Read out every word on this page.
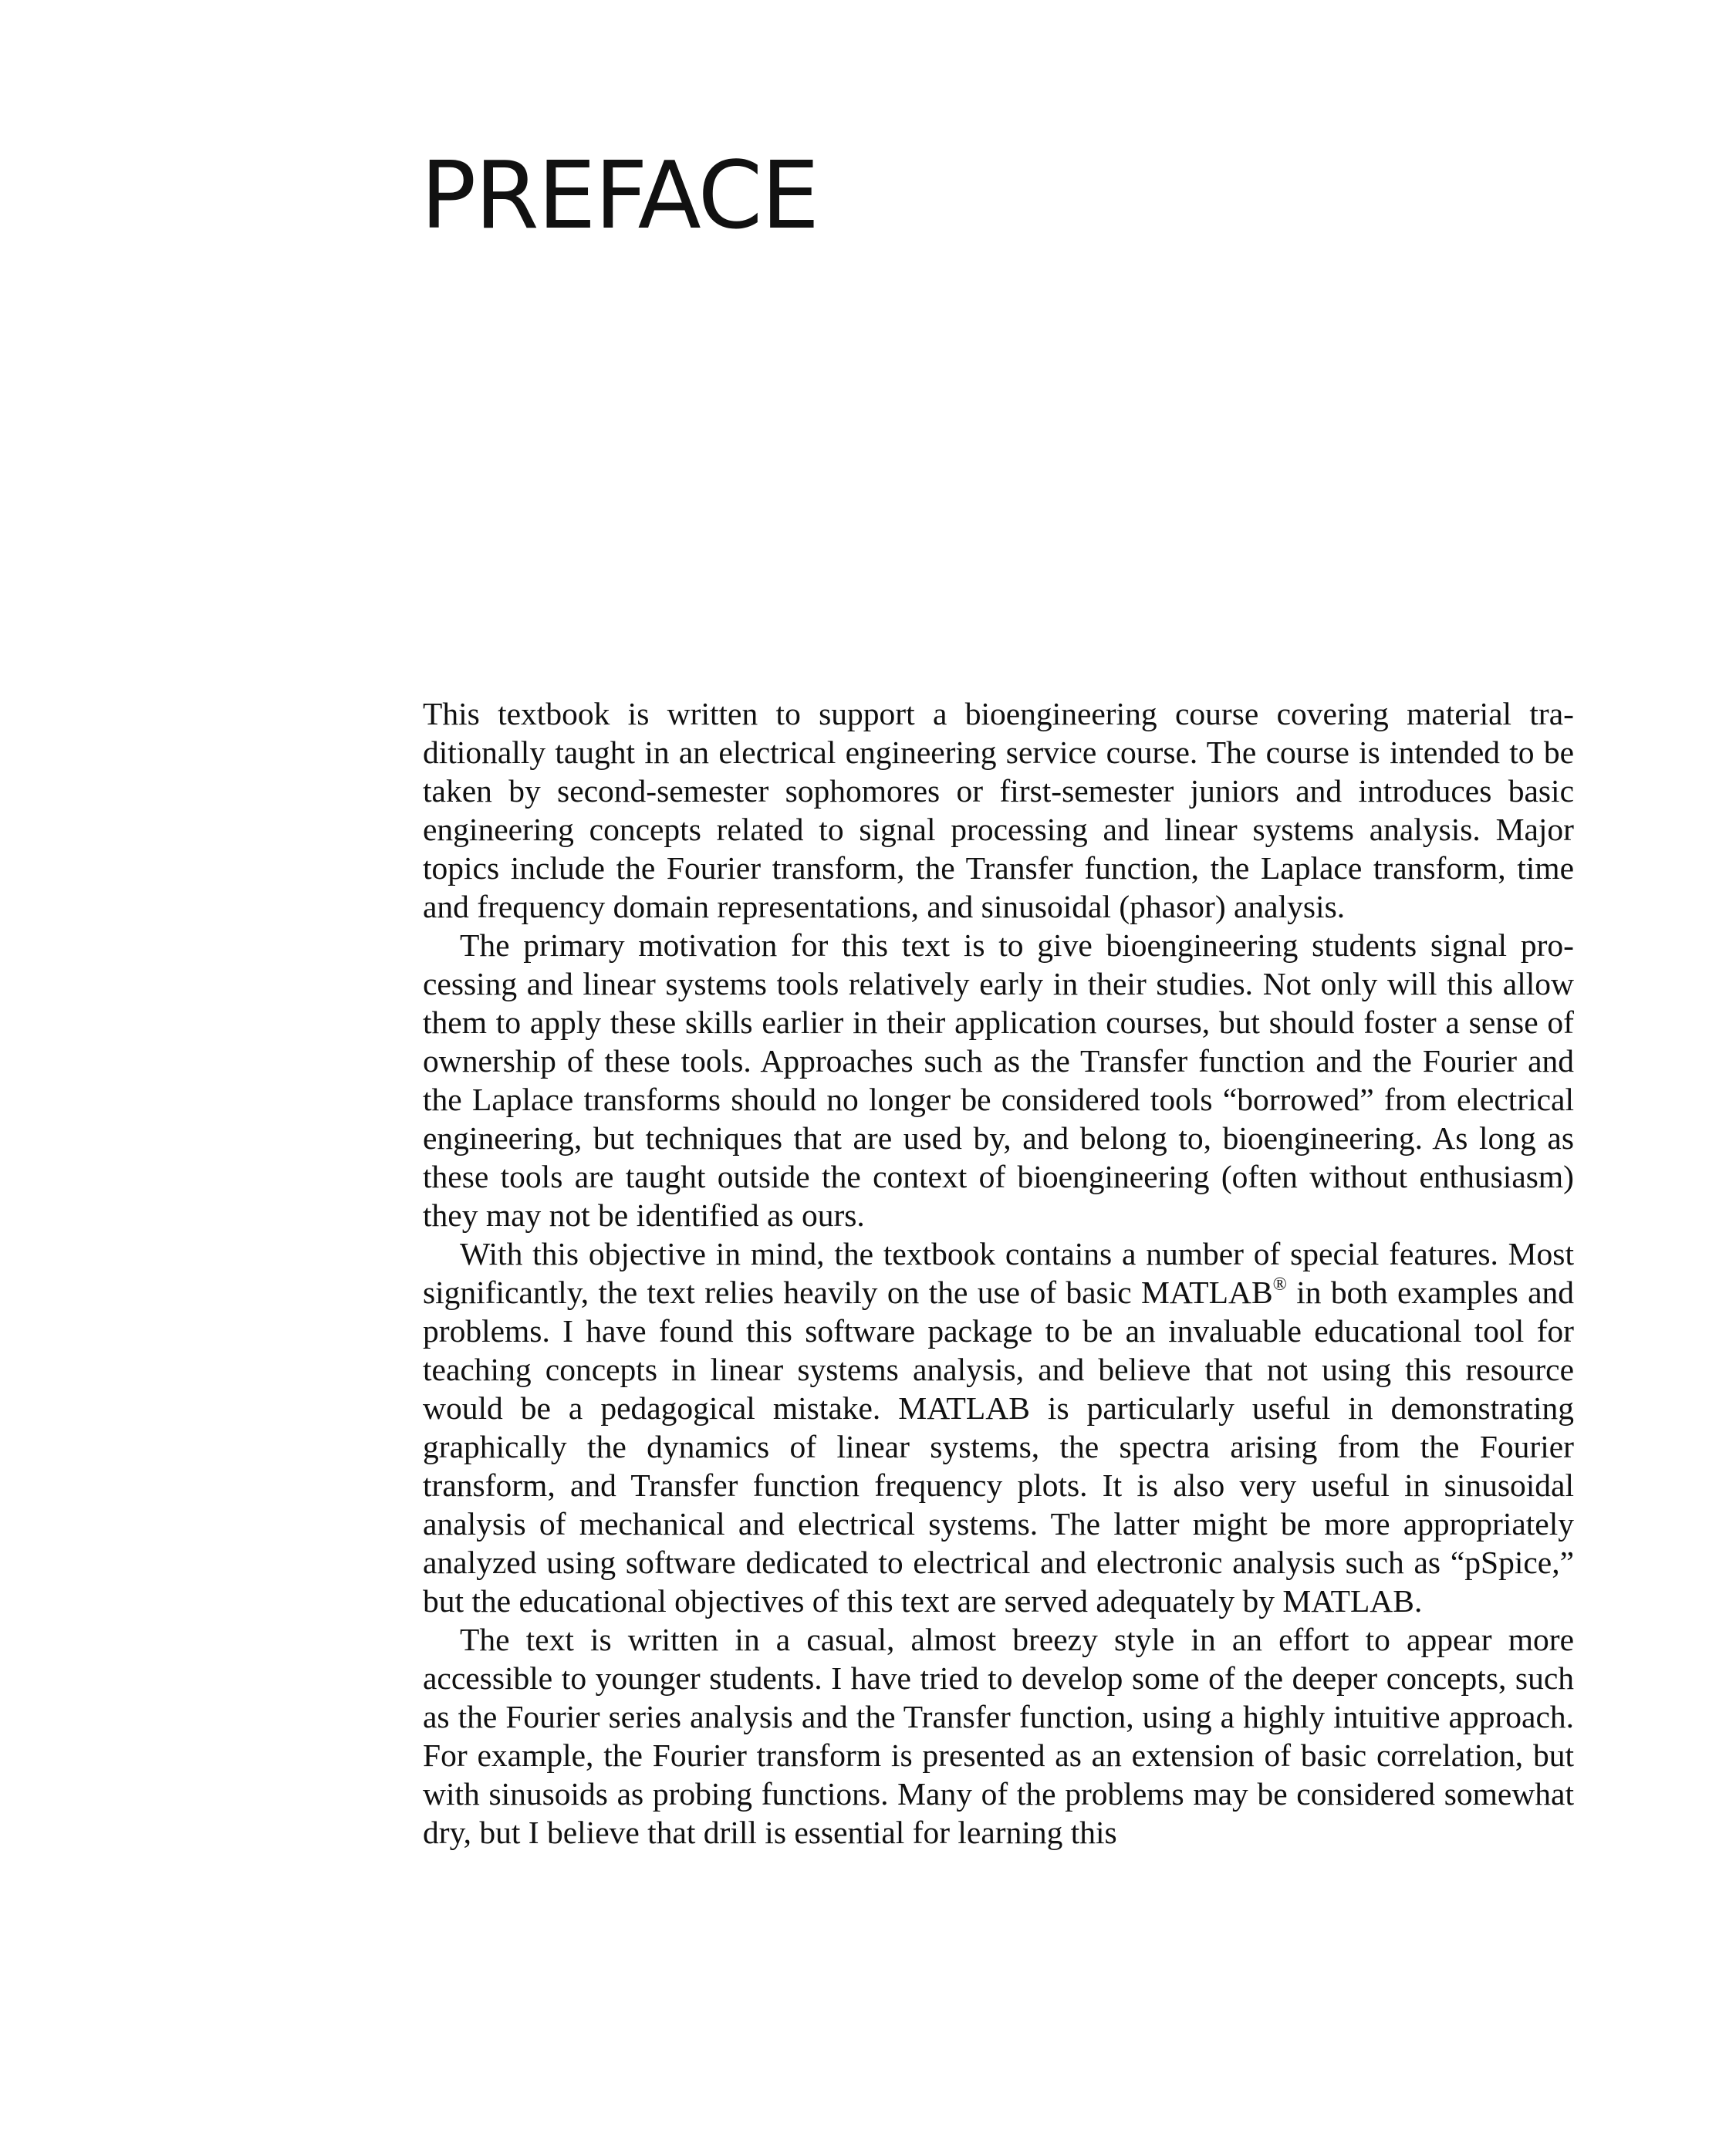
PREFACE

This textbook is written to support a bioengineering course covering material traditionally taught in an electrical engineering service course. The course is intended to be taken by second-semester sophomores or first-semester juniors and introduces basic engineering concepts related to signal processing and linear systems analysis. Major topics include the Fourier transform, the Transfer function, the Laplace transform, time and frequency domain representations, and sinusoidal (phasor) analysis.

The primary motivation for this text is to give bioengineering students signal processing and linear systems tools relatively early in their studies. Not only will this allow them to apply these skills earlier in their application courses, but should foster a sense of ownership of these tools. Approaches such as the Transfer function and the Fourier and the Laplace transforms should no longer be considered tools “borrowed” from electrical engineering, but techniques that are used by, and belong to, bioengineering. As long as these tools are taught outside the context of bioengineering (often without enthusiasm) they may not be identified as ours.

With this objective in mind, the textbook contains a number of special features. Most significantly, the text relies heavily on the use of basic MATLAB® in both examples and problems. I have found this software package to be an invaluable educational tool for teaching concepts in linear systems analysis, and believe that not using this resource would be a pedagogical mistake. MATLAB is particularly useful in demonstrating graphically the dynamics of linear systems, the spectra arising from the Fourier transform, and Transfer function frequency plots. It is also very useful in sinusoidal analysis of mechanical and electrical systems. The latter might be more appropriately analyzed using software dedicated to electrical and electronic analysis such as “pSpice,” but the educational objectives of this text are served adequately by MATLAB.

The text is written in a casual, almost breezy style in an effort to appear more accessible to younger students. I have tried to develop some of the deeper concepts, such as the Fourier series analysis and the Transfer function, using a highly intuitive approach. For example, the Fourier transform is presented as an extension of basic correlation, but with sinusoids as probing functions. Many of the problems may be considered somewhat dry, but I believe that drill is essential for learning this
